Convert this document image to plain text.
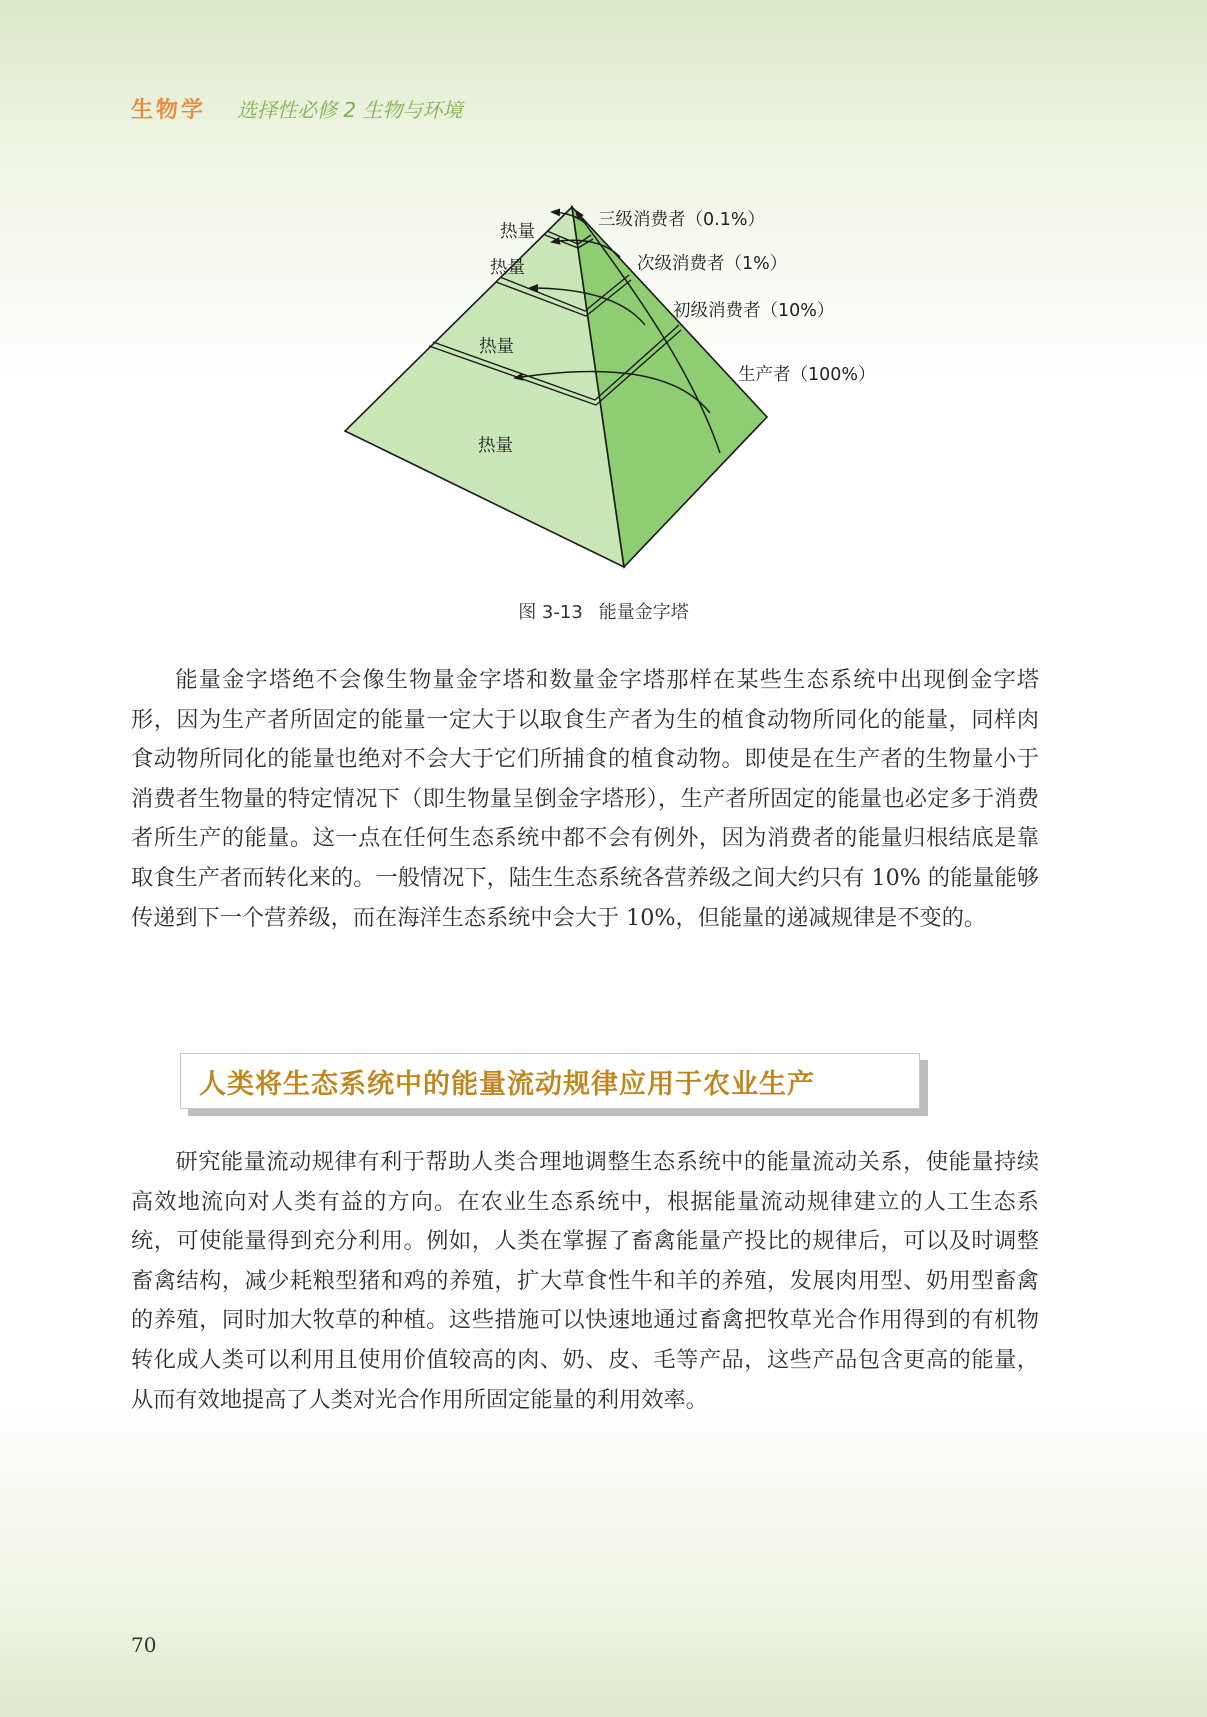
生物学 选择性必修 2 生物与环境
热量
热量
热量
热量
三级消费者（0.1%）
次级消费者（1%）
初级消费者（10%）
生产者（100%）
图 3-13 能量金字塔

能量金字塔绝不会像生物量金字塔和数量金字塔那样在某些生态系统中出现倒金字塔形，因为生产者所固定的能量一定大于以取食生产者为生的植食动物所同化的能量，同样肉食动物所同化的能量也绝对不会大于它们所捕食的植食动物。即使是在生产者的生物量小于消费者生物量的特定情况下（即生物量呈倒金字塔形），生产者所固定的能量也必定多于消费者所生产的能量。这一点在任何生态系统中都不会有例外，因为消费者的能量归根结底是靠取食生产者而转化来的。一般情况下，陆生生态系统各营养级之间大约只有 10% 的能量能够传递到下一个营养级，而在海洋生态系统中会大于 10%，但能量的递减规律是不变的。

人类将生态系统中的能量流动规律应用于农业生产

研究能量流动规律有利于帮助人类合理地调整生态系统中的能量流动关系，使能量持续高效地流向对人类有益的方向。在农业生态系统中，根据能量流动规律建立的人工生态系统，可使能量得到充分利用。例如，人类在掌握了畜禽能量产投比的规律后，可以及时调整畜禽结构，减少耗粮型猪和鸡的养殖，扩大草食性牛和羊的养殖，发展肉用型、奶用型畜禽的养殖，同时加大牧草的种植。这些措施可以快速地通过畜禽把牧草光合作用得到的有机物转化成人类可以利用且使用价值较高的肉、奶、皮、毛等产品，这些产品包含更高的能量，从而有效地提高了人类对光合作用所固定能量的利用效率。

70
